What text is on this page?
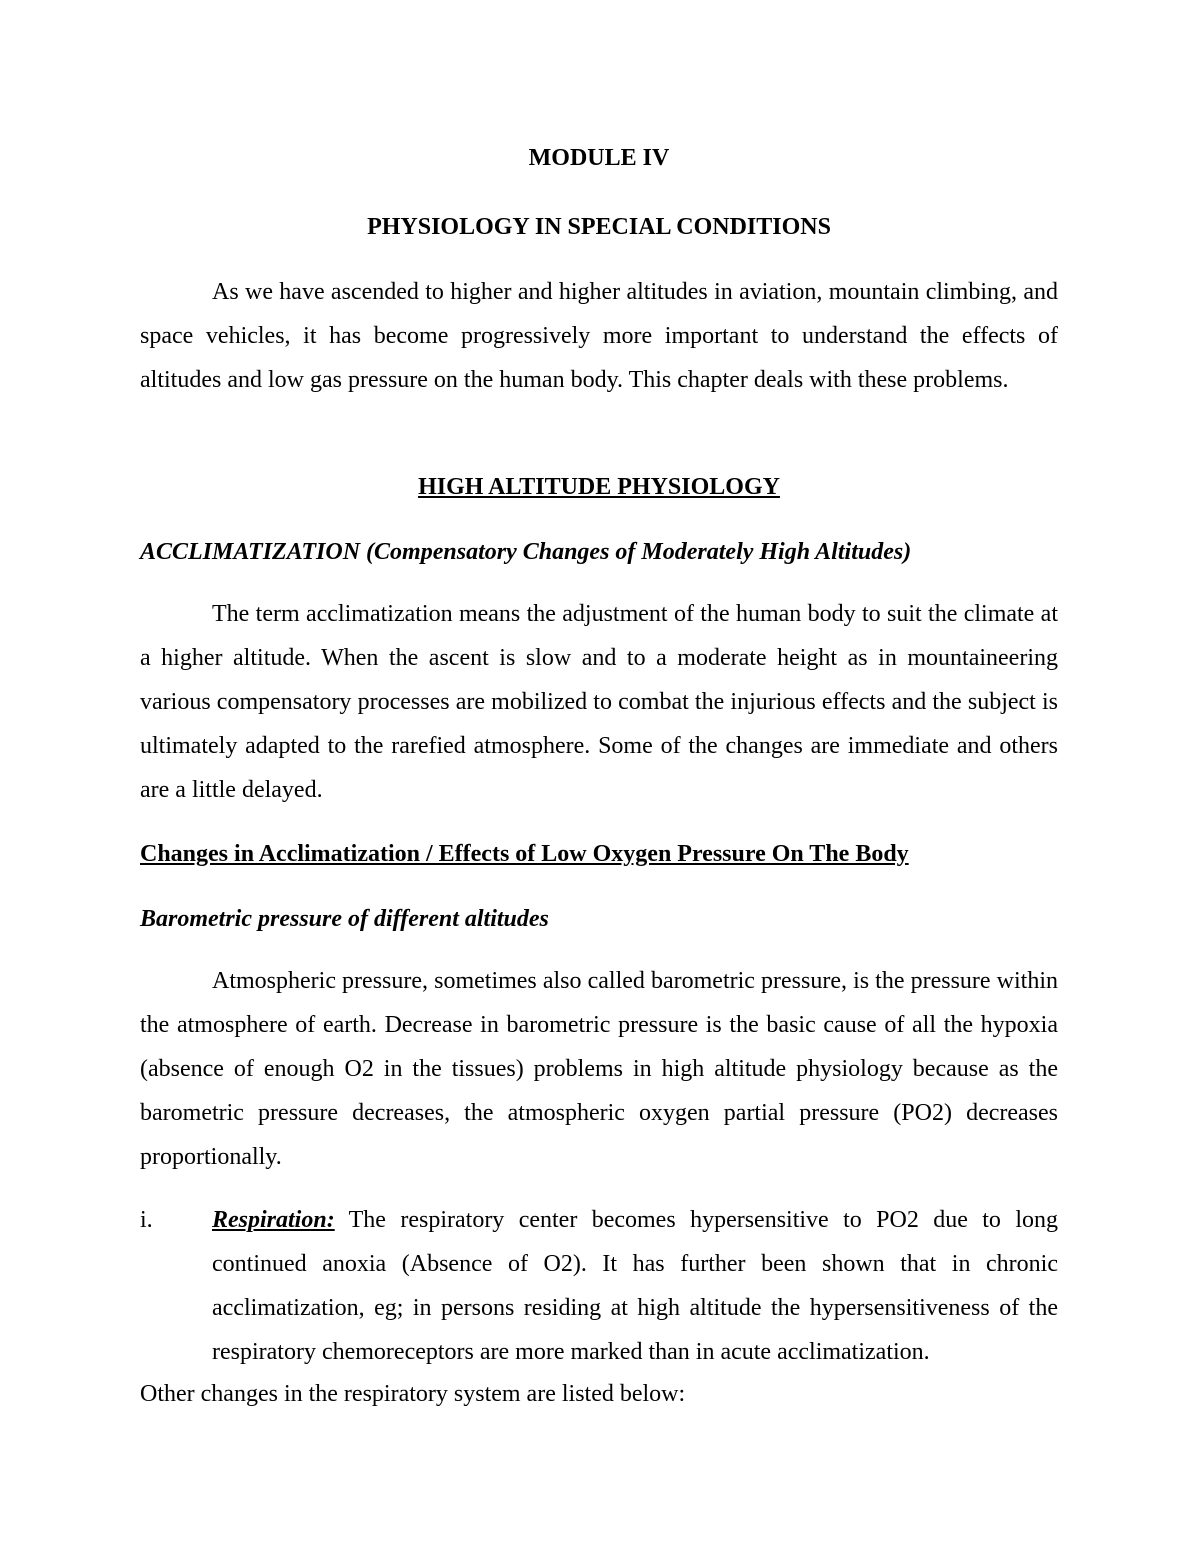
MODULE IV
PHYSIOLOGY IN SPECIAL CONDITIONS
As we have ascended to higher and higher altitudes in aviation, mountain climbing, and space vehicles, it has become progressively more important to understand the effects of altitudes and low gas pressure on the human body. This chapter deals with these problems.
HIGH ALTITUDE PHYSIOLOGY
ACCLIMATIZATION (Compensatory Changes of Moderately High Altitudes)
The term acclimatization means the adjustment of the human body to suit the climate at a higher altitude. When the ascent is slow and to a moderate height as in mountaineering various compensatory processes are mobilized to combat the injurious effects and the subject is ultimately adapted to the rarefied atmosphere. Some of the changes are immediate and others are a little delayed.
Changes in Acclimatization / Effects of Low Oxygen Pressure On The Body
Barometric pressure of different altitudes
Atmospheric pressure, sometimes also called barometric pressure, is the pressure within the atmosphere of earth. Decrease in barometric pressure is the basic cause of all the hypoxia (absence of enough O2 in the tissues) problems in high altitude physiology because as the barometric pressure decreases, the atmospheric oxygen partial pressure (PO2) decreases proportionally.
i. Respiration: The respiratory center becomes hypersensitive to PO2 due to long continued anoxia (Absence of O2). It has further been shown that in chronic acclimatization, eg; in persons residing at high altitude the hypersensitiveness of the respiratory chemoreceptors are more marked than in acute acclimatization.
Other changes in the respiratory system are listed below:
